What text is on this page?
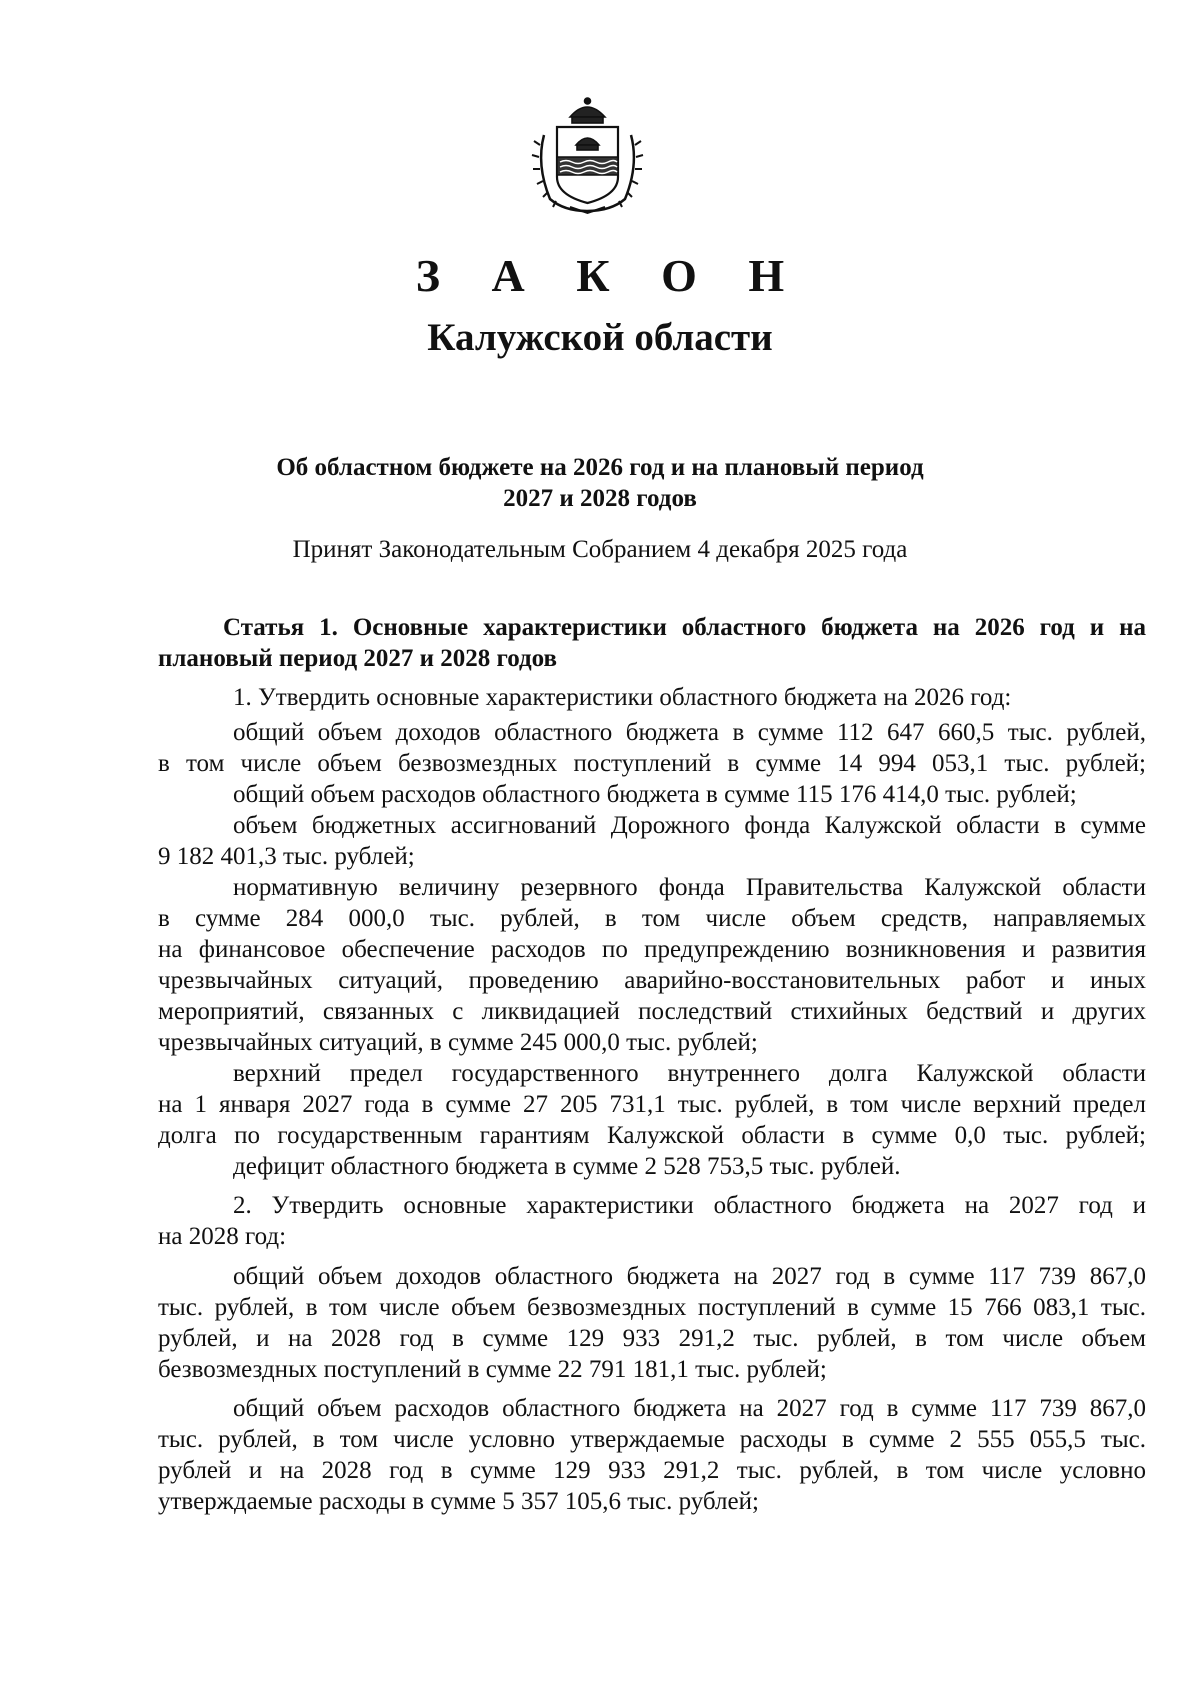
З А К О Н
Калужской области
Об областном бюджете на 2026 год и на плановый период
2027 и 2028 годов
Принят Законодательным Собранием 4 декабря 2025 года
Статья 1. Основные характеристики областного бюджета на 2026 год и на
плановый период 2027 и 2028 годов
1. Утвердить основные характеристики областного бюджета на 2026 год:
общий объем доходов областного бюджета в сумме 112 647 660,5 тыс. рублей,
в том числе объем безвозмездных поступлений в сумме 14 994 053,1 тыс. рублей;
общий объем расходов областного бюджета в сумме 115 176 414,0 тыс. рублей;
объем бюджетных ассигнований Дорожного фонда Калужской области в сумме
9 182 401,3 тыс. рублей;
нормативную величину резервного фонда Правительства Калужской области
в сумме 284 000,0 тыс. рублей, в том числе объем средств, направляемых
на финансовое обеспечение расходов по предупреждению возникновения и развития
чрезвычайных ситуаций, проведению аварийно-восстановительных работ и иных
мероприятий, связанных с ликвидацией последствий стихийных бедствий и других
чрезвычайных ситуаций, в сумме 245 000,0 тыс. рублей;
верхний предел государственного внутреннего долга Калужской области
на 1 января 2027 года в сумме 27 205 731,1 тыс. рублей, в том числе верхний предел
долга по государственным гарантиям Калужской области в сумме 0,0 тыс. рублей;
дефицит областного бюджета в сумме 2 528 753,5 тыс. рублей.
2. Утвердить основные характеристики областного бюджета на 2027 год и
на 2028 год:
общий объем доходов областного бюджета на 2027 год в сумме 117 739 867,0
тыс. рублей, в том числе объем безвозмездных поступлений в сумме 15 766 083,1 тыс.
рублей, и на 2028 год в сумме 129 933 291,2 тыс. рублей, в том числе объем
безвозмездных поступлений в сумме 22 791 181,1 тыс. рублей;
общий объем расходов областного бюджета на 2027 год в сумме 117 739 867,0
тыс. рублей, в том числе условно утверждаемые расходы в сумме 2 555 055,5 тыс.
рублей и на 2028 год в сумме 129 933 291,2 тыс. рублей, в том числе условно
утверждаемые расходы в сумме 5 357 105,6 тыс. рублей;
